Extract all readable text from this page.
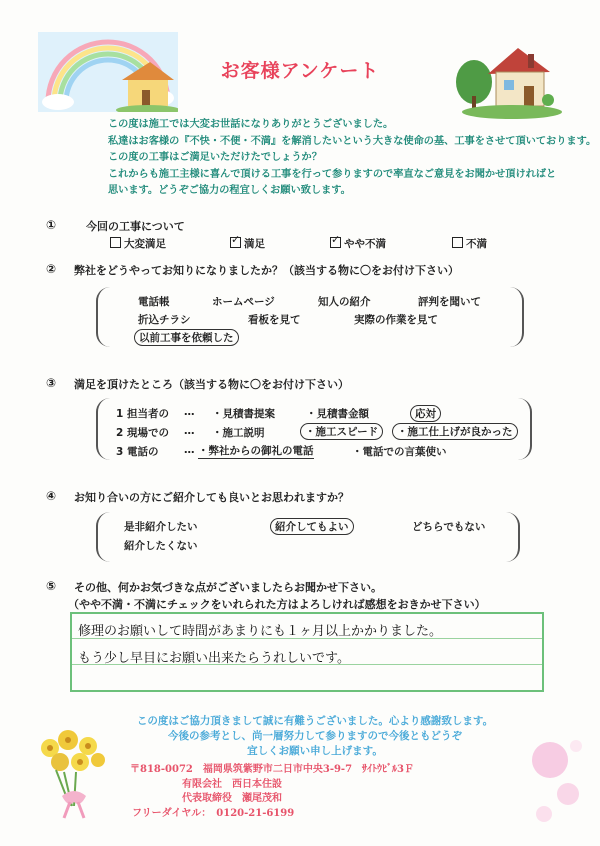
お客様アンケート
この度は施工では大変お世話になりありがとうございました。
私達はお客様の『不快・不便・不満』を解消したいという大きな使命の基、工事をさせて頂いております。
この度の工事はご満足いただけたでしょうか？
これからも施工主様に喜んで頂ける工事を行って参りますので率直なご意見をお聞かせ頂ければと
思います。どうぞご協力の程宜しくお願い致します。
①	今回の工事について
大変満足 ✓	満足 ✓	やや不満	不満
② 弊社をどうやってお知りになりましたか？（該当する物に〇をお付け下さい）
電話帳	ホームページ	知人の紹介	評判を聞いて
折込チラシ	看板を見て	実際の作業を見て
以前工事を依頼した
③ 満足を頂けたところ（該当する物に〇をお付け下さい）
1 担当者の … ・見積書提案	・見積書金額	応対
2 現場での … ・施工説明	・施工スピード	・施工仕上げが良かった
3 電話の … ・弊社からの御礼の電話	・電話での言葉使い
④ お知り合いの方にご紹介しても良いとお思われますか？
是非紹介したい	紹介してもよい	どちらでもない
紹介したくない
⑤ その他、何かお気づきな点がございましたらお聞かせ下さい。
（やや不満・不満にチェックをいれられた方はよろしければ感想をおきかせ下さい）
修理のお願いして時間があまりにも１ヶ月以上かかりました。
もう少し早目にお願い出来たらうれしいです。
この度はご協力頂きまして誠に有難うございました。心より感謝致します。
今後の参考とし、尚一層努力して参りますので今後ともどうぞ
宜しくお願い申し上げます。
〒818-0072　福岡県筑紫野市二日市中央3-9-7　ｻｲﾄｳﾋﾞﾙ3Ｆ
有限会社　西日本住設
代表取締役　瀬尾茂和
フリーダイヤル：　0120-21-6199
